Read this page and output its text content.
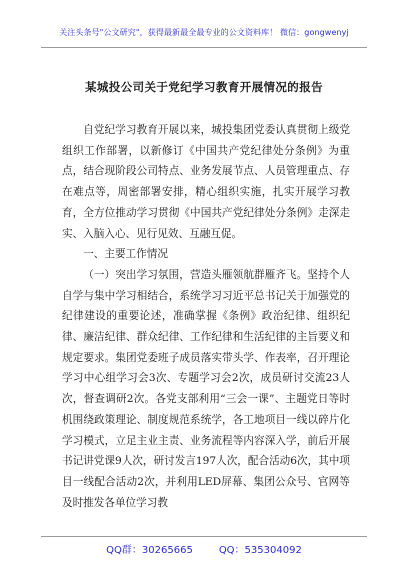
关注头条号"公文研究"，获得最新最全最专业的公文资料库！ 微信：gongwenyj
某城投公司关于党纪学习教育开展情况的报告

自党纪学习教育开展以来，城投集团党委认真贯彻上级党组织工作部署，以新修订《中国共产党纪律处分条例》为重点，结合现阶段公司特点、业务发展节点、人员管理重点、存在难点等，周密部署安排，精心组织实施，扎实开展学习教育，全方位推动学习贯彻《中国共产党纪律处分条例》走深走实、入脑入心、见行见效、互融互促。

一、主要工作情况

（一）突出学习氛围，营造头雁领航群雁齐飞。坚持个人自学与集中学习相结合，系统学习习近平总书记关于加强党的纪律建设的重要论述，准确掌握《条例》政治纪律、组织纪律、廉洁纪律、群众纪律、工作纪律和生活纪律的主旨要义和规定要求。集团党委班子成员落实带头学、作表率，召开理论学习中心组学习会3次、专题学习会2次，成员研讨交流23人次，督查调研2次。各党支部利用“三会一课”、主题党日等时机围绕政策理论、制度规范系统学，各工地项目一线以碎片化学习模式，立足主业主责、业务流程等内容深入学，前后开展书记讲党课9人次，研讨发言197人次，配合活动6次，其中项目一线配合活动2次，并利用LED屏幕、集团公众号、官网等及时推发各单位学习教

QQ群：30265665	QQ：535304092
